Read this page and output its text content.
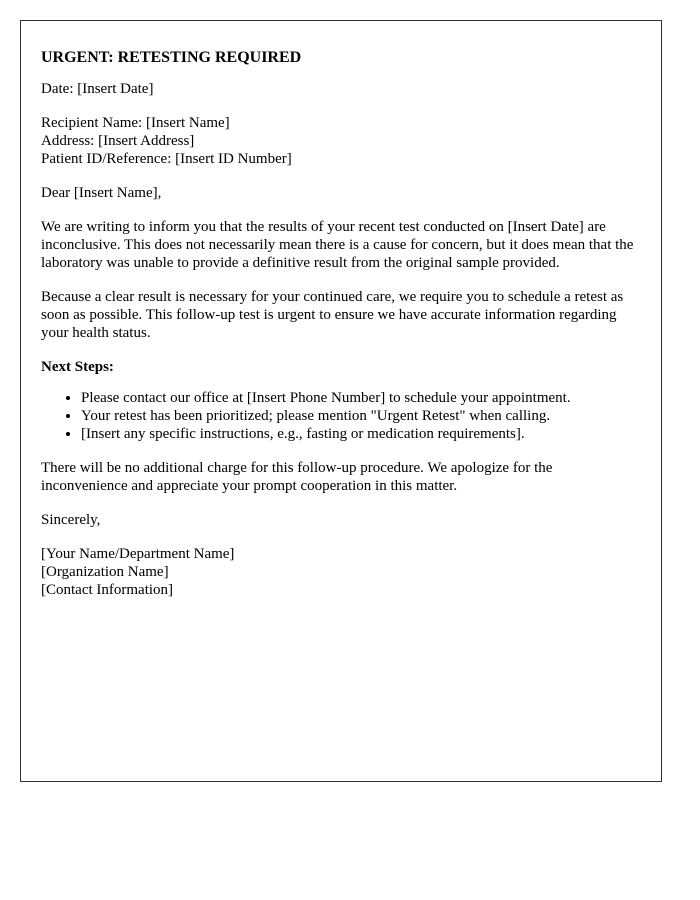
URGENT: RETESTING REQUIRED

Date: [Insert Date]

Recipient Name: [Insert Name]
Address: [Insert Address]
Patient ID/Reference: [Insert ID Number]

Dear [Insert Name],

We are writing to inform you that the results of your recent test conducted on [Insert Date] are inconclusive. This does not necessarily mean there is a cause for concern, but it does mean that the laboratory was unable to provide a definitive result from the original sample provided.

Because a clear result is necessary for your continued care, we require you to schedule a retest as soon as possible. This follow-up test is urgent to ensure we have accurate information regarding your health status.

Next Steps:
• Please contact our office at [Insert Phone Number] to schedule your appointment.
• Your retest has been prioritized; please mention "Urgent Retest" when calling.
• [Insert any specific instructions, e.g., fasting or medication requirements].

There will be no additional charge for this follow-up procedure. We apologize for the inconvenience and appreciate your prompt cooperation in this matter.

Sincerely,

[Your Name/Department Name]
[Organization Name]
[Contact Information]
